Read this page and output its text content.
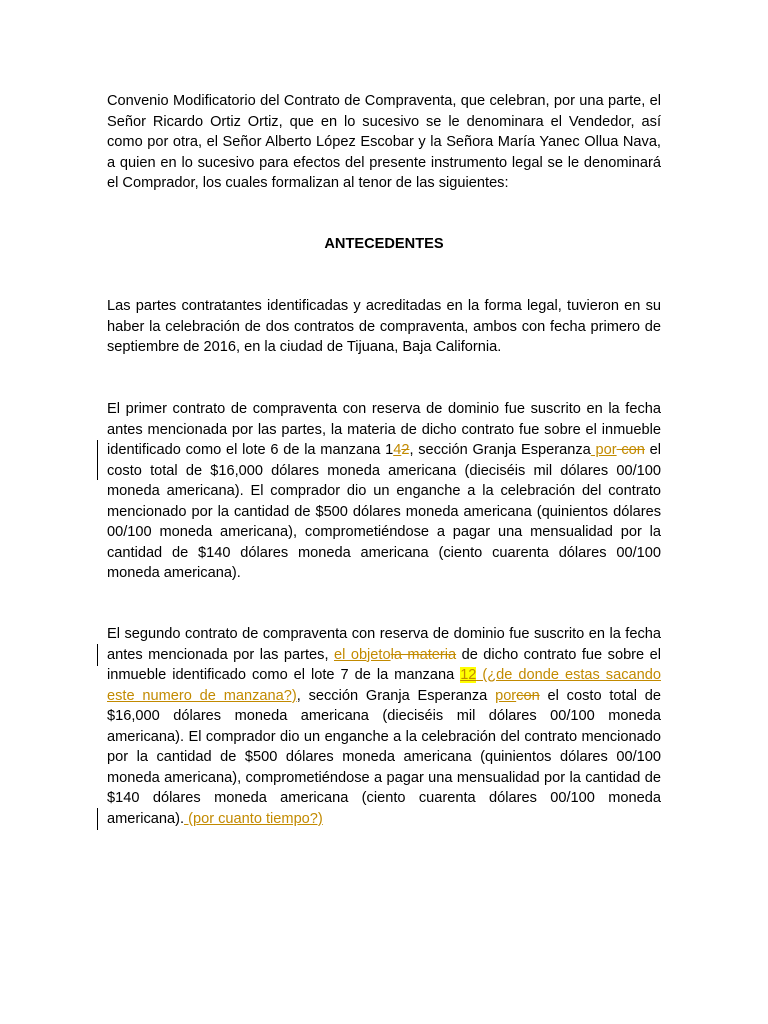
Convenio Modificatorio del Contrato de Compraventa, que celebran, por una parte, el Señor Ricardo Ortiz Ortiz, que en lo sucesivo se le denominara el Vendedor, así como por otra, el Señor Alberto López Escobar y la Señora María Yanec Ollua Nava, a quien en lo sucesivo para efectos del presente instrumento legal se le denominará el Comprador, los cuales formalizan al tenor de las siguientes:

ANTECEDENTES

Las partes contratantes identificadas y acreditadas en la forma legal, tuvieron en su haber la celebración de dos contratos de compraventa, ambos con fecha primero de septiembre de 2016, en la ciudad de Tijuana, Baja California.

El primer contrato de compraventa con reserva de dominio fue suscrito en la fecha antes mencionada por las partes, la materia de dicho contrato fue sobre el inmueble identificado como el lote 6 de la manzana 142, sección Granja Esperanza por con el costo total de $16,000 dólares moneda americana (dieciséis mil dólares 00/100 moneda americana). El comprador dio un enganche a la celebración del contrato mencionado por la cantidad de $500 dólares moneda americana (quinientos dólares 00/100 moneda americana), comprometiéndose a pagar una mensualidad por la cantidad de $140 dólares moneda americana (ciento cuarenta dólares 00/100 moneda americana).

El segundo contrato de compraventa con reserva de dominio fue suscrito en la fecha antes mencionada por las partes, el objetola materia de dicho contrato fue sobre el inmueble identificado como el lote 7 de la manzana 12 (¿de donde estas sacando este numero de manzana?), sección Granja Esperanza porcon el costo total de $16,000 dólares moneda americana (dieciséis mil dólares 00/100 moneda americana). El comprador dio un enganche a la celebración del contrato mencionado por la cantidad de $500 dólares moneda americana (quinientos dólares 00/100 moneda americana), comprometiéndose a pagar una mensualidad por la cantidad de $140 dólares moneda americana (ciento cuarenta dólares 00/100 moneda americana). (por cuanto tiempo?)
